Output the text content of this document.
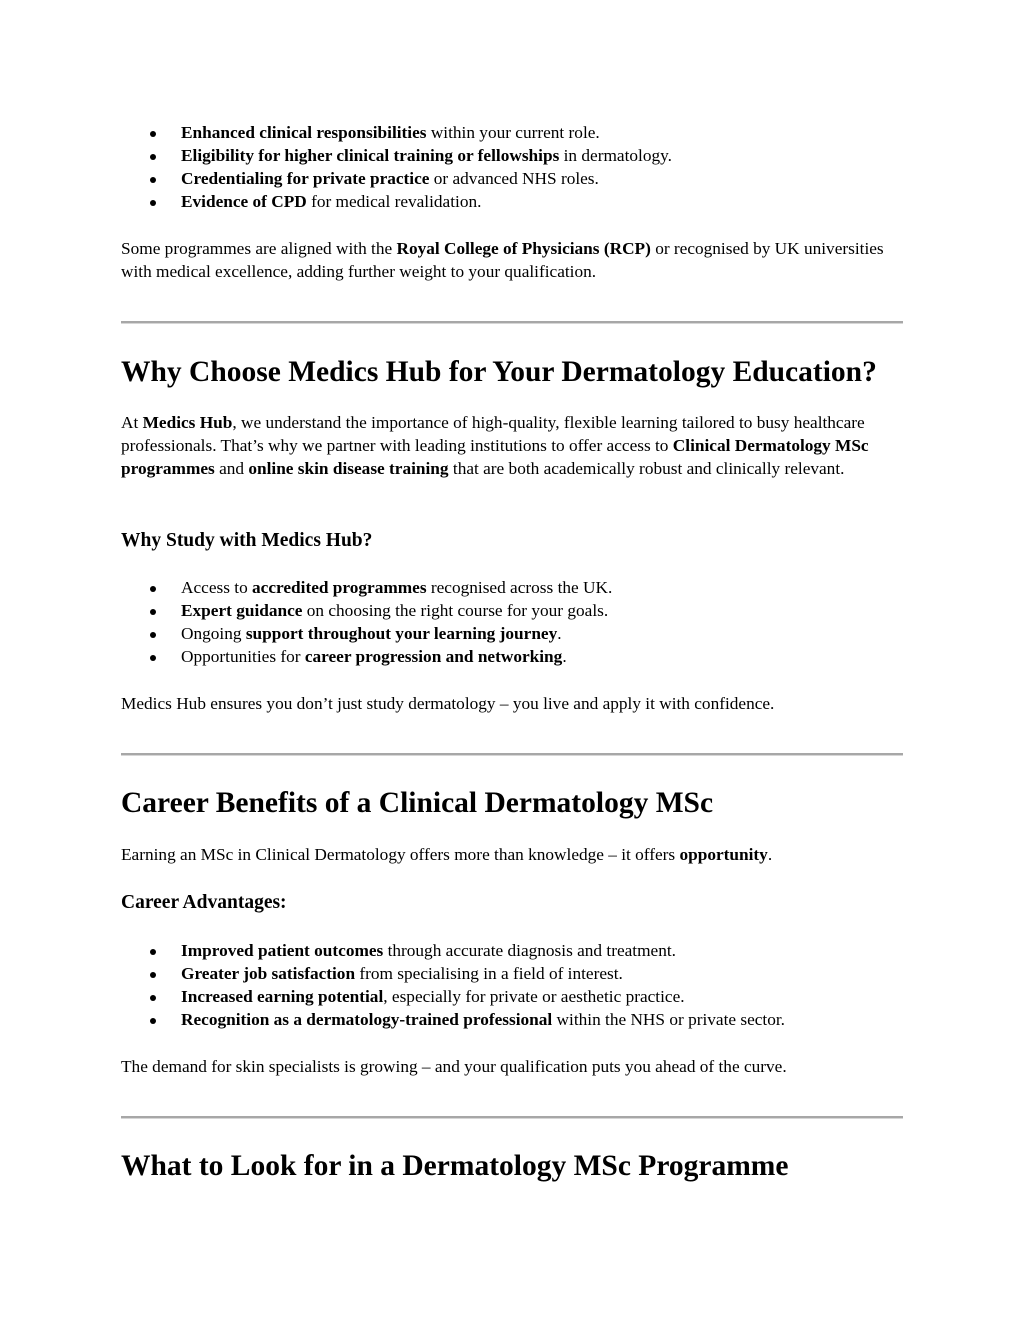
Enhanced clinical responsibilities within your current role.
Eligibility for higher clinical training or fellowships in dermatology.
Credentialing for private practice or advanced NHS roles.
Evidence of CPD for medical revalidation.

Some programmes are aligned with the Royal College of Physicians (RCP) or recognised by UK universities with medical excellence, adding further weight to your qualification.

Why Choose Medics Hub for Your Dermatology Education?

At Medics Hub, we understand the importance of high-quality, flexible learning tailored to busy healthcare professionals. That’s why we partner with leading institutions to offer access to Clinical Dermatology MSc programmes and online skin disease training that are both academically robust and clinically relevant.

Why Study with Medics Hub?
Access to accredited programmes recognised across the UK.
Expert guidance on choosing the right course for your goals.
Ongoing support throughout your learning journey.
Opportunities for career progression and networking.

Medics Hub ensures you don’t just study dermatology – you live and apply it with confidence.

Career Benefits of a Clinical Dermatology MSc

Earning an MSc in Clinical Dermatology offers more than knowledge – it offers opportunity.

Career Advantages:
Improved patient outcomes through accurate diagnosis and treatment.
Greater job satisfaction from specialising in a field of interest.
Increased earning potential, especially for private or aesthetic practice.
Recognition as a dermatology-trained professional within the NHS or private sector.

The demand for skin specialists is growing – and your qualification puts you ahead of the curve.

What to Look for in a Dermatology MSc Programme
